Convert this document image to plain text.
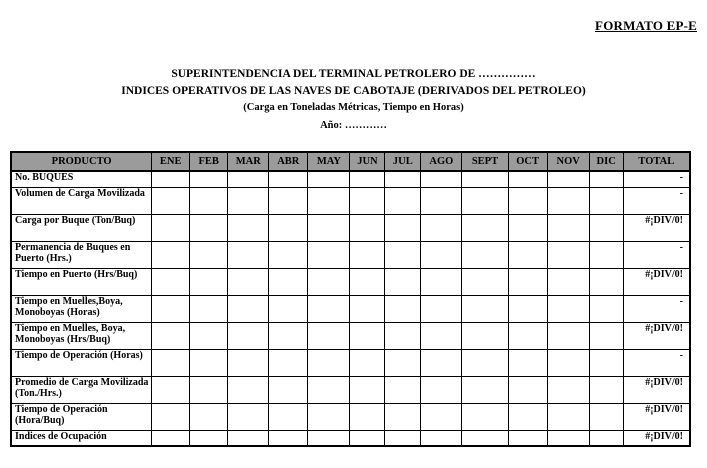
FORMATO EP-E
SUPERINTENDENCIA DEL TERMINAL PETROLERO DE ……………
INDICES OPERATIVOS DE LAS NAVES DE CABOTAJE (DERIVADOS DEL PETROLEO)
(Carga en Toneladas Métricas, Tiempo en Horas)
Año: …………
PRODUCTO	ENE	FEB	MAR	ABR	MAY	JUN	JUL	AGO	SEPT	OCT	NOV	DIC	TOTAL
No. BUQUES													-
Volumen de Carga Movilizada													-
Carga por Buque (Ton/Buq)													#¡DIV/0!
Permanencia de Buques en Puerto (Hrs.)													-
Tiempo en Puerto (Hrs/Buq)													#¡DIV/0!
Tiempo en Muelles,Boya, Monoboyas (Horas)													-
Tiempo en Muelles, Boya, Monoboyas (Hrs/Buq)													#¡DIV/0!
Tiempo de Operación (Horas)													-
Promedio de Carga Movilizada (Ton./Hrs.)													#¡DIV/0!
Tiempo de Operación (Hora/Buq)													#¡DIV/0!
Indices de Ocupación													#¡DIV/0!
